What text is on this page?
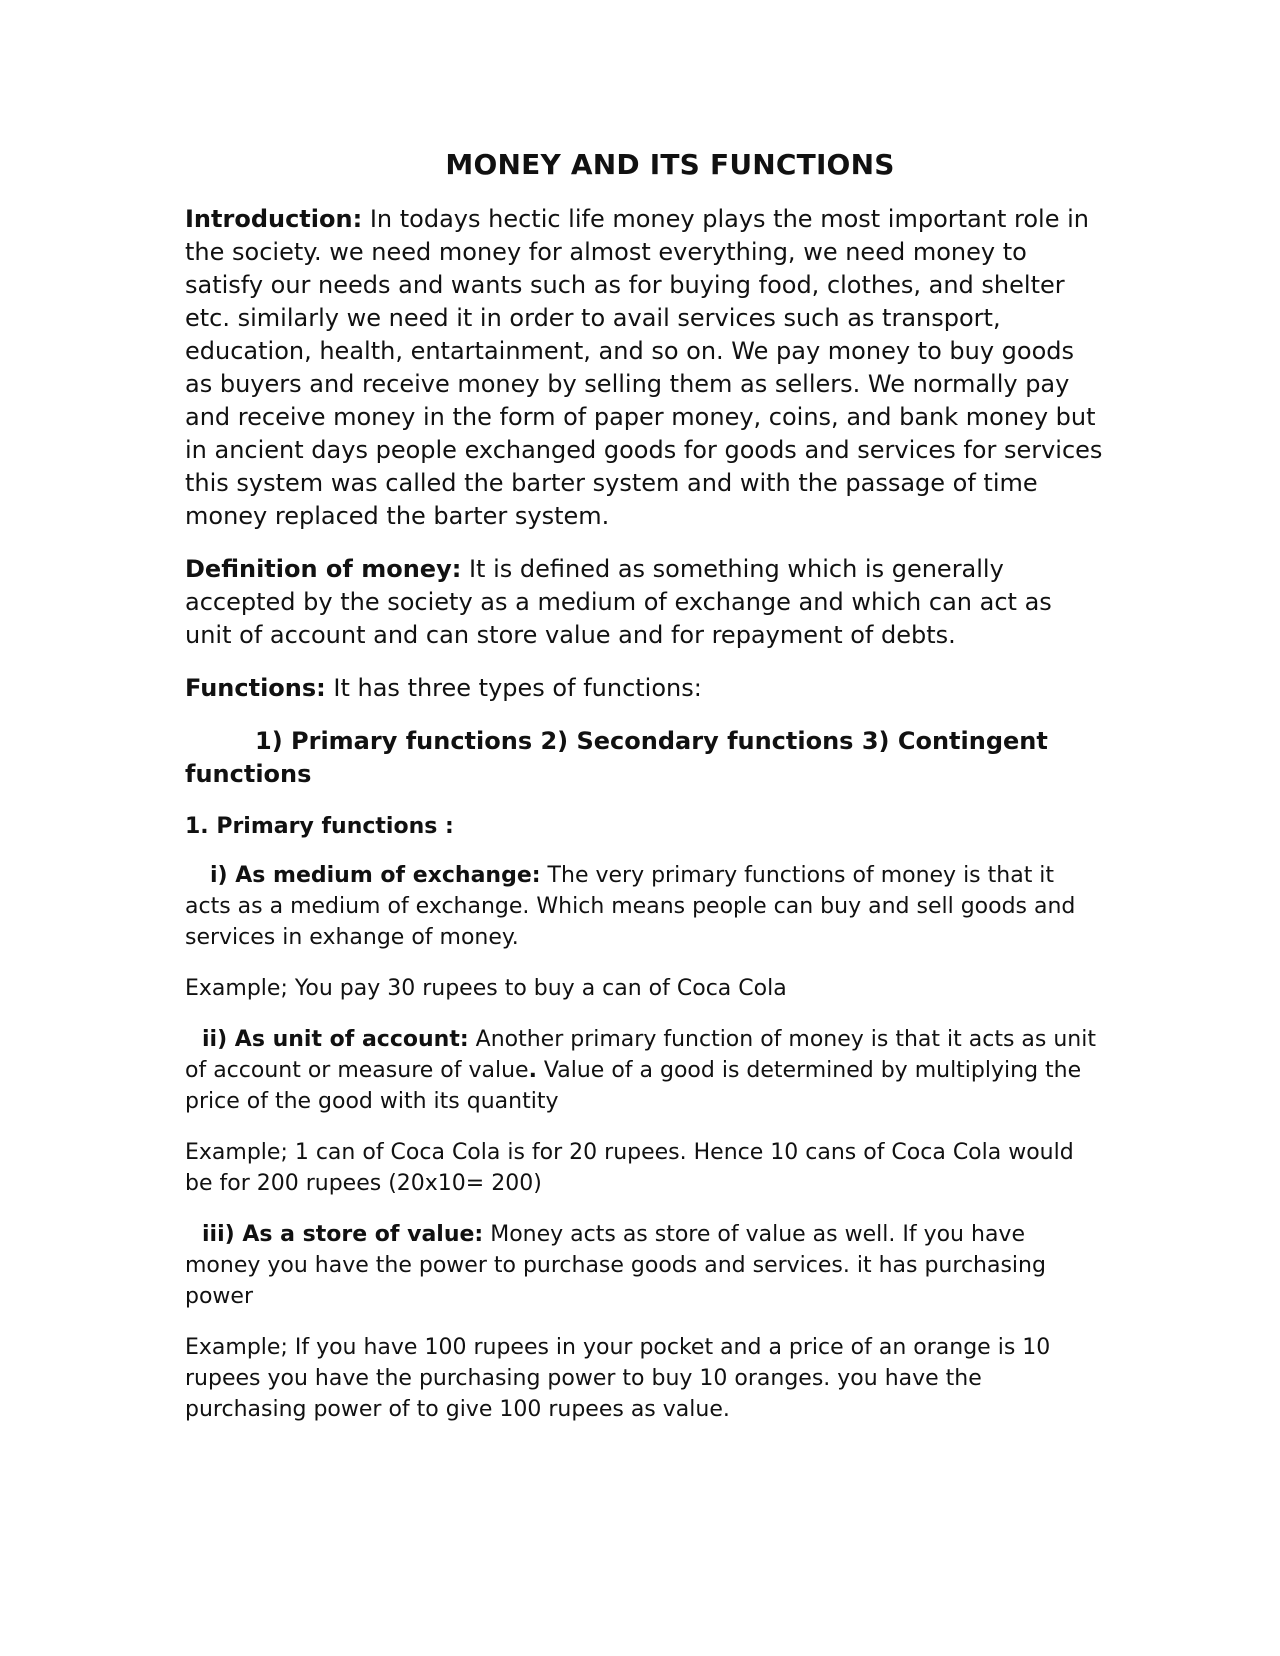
MONEY AND ITS FUNCTIONS

Introduction: In todays hectic life money plays the most important role in the society. we need money for almost everything, we need money to satisfy our needs and wants such as for buying food, clothes, and shelter etc. similarly we need it in order to avail services such as transport, education, health, entartainment, and so on. We pay money to buy goods as buyers and receive money by selling them as sellers. We normally pay and receive money in the form of paper money, coins, and bank money but in ancient days people exchanged goods for goods and services for services this system was called the barter system and with the passage of time money replaced the barter system.

Definition of money: It is defined as something which is generally accepted by the society as a medium of exchange and which can act as unit of account and can store value and for repayment of debts.

Functions: It has three types of functions:

1) Primary functions 2) Secondary functions 3) Contingent functions

1. Primary functions :

i) As medium of exchange: The very primary functions of money is that it acts as a medium of exchange. Which means people can buy and sell goods and services in exhange of money.

Example; You pay 30 rupees to buy a can of Coca Cola

ii) As unit of account: Another primary function of money is that it acts as unit of account or measure of value. Value of a good is determined by multiplying the price of the good with its quantity

Example; 1 can of Coca Cola is for 20 rupees. Hence 10 cans of Coca Cola would be for 200 rupees (20x10= 200)

iii) As a store of value: Money acts as store of value as well. If you have money you have the power to purchase goods and services. it has purchasing power

Example; If you have 100 rupees in your pocket and a price of an orange is 10 rupees you have the purchasing power to buy 10 oranges. you have the purchasing power of to give 100 rupees as value.
